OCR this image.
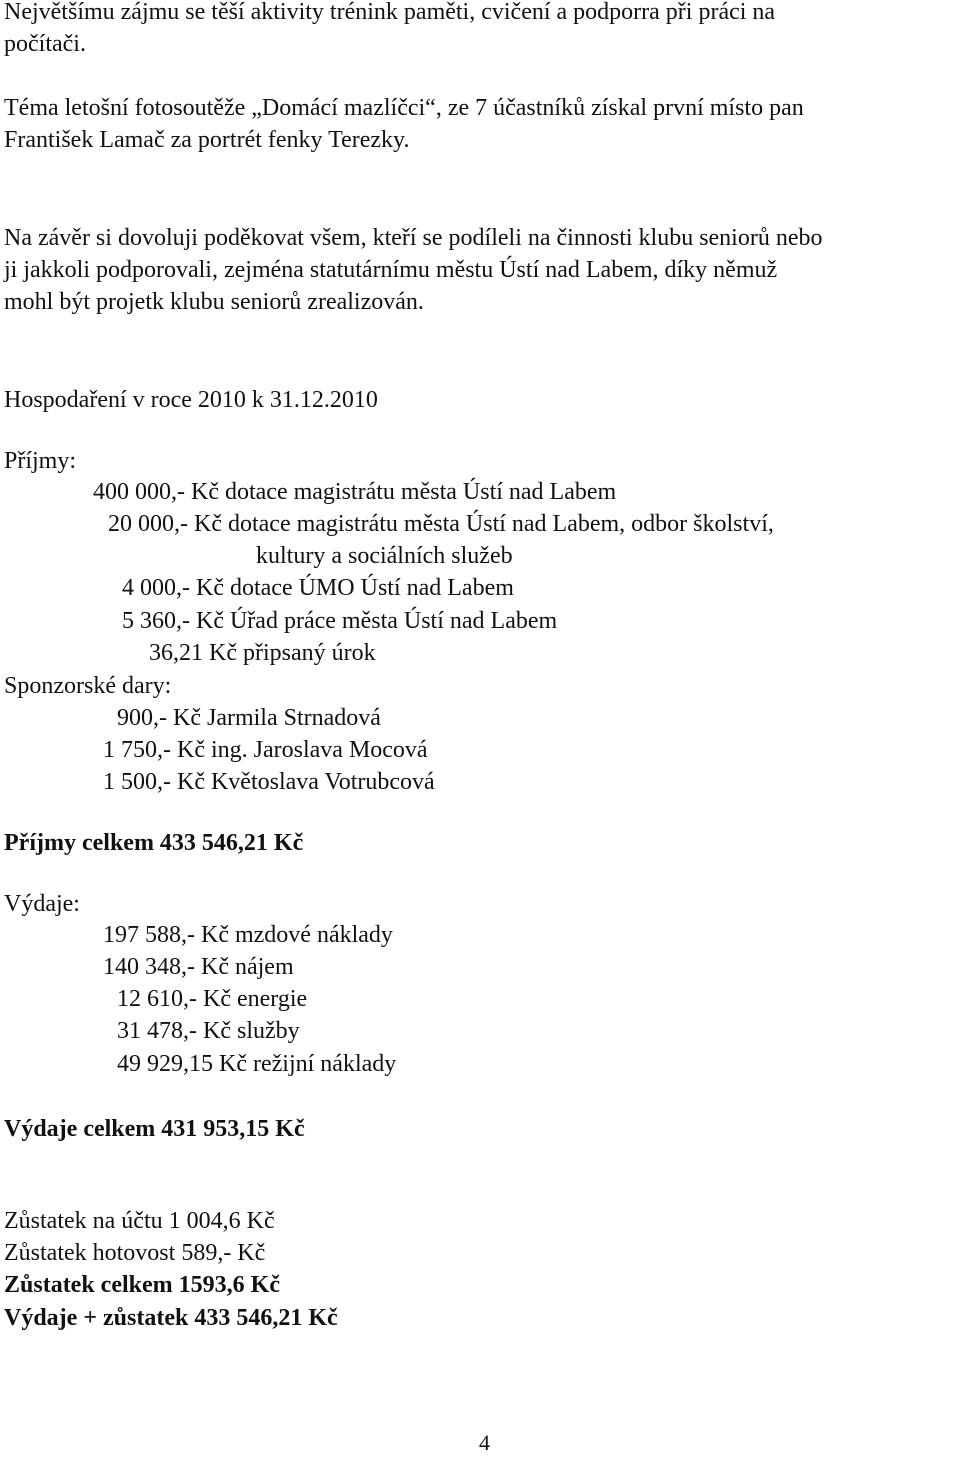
Největšímu zájmu se těší aktivity trénink paměti, cvičení a podporra při práci na
počítači.
Téma letošní fotosoutěže „Domácí mazlíčci“, ze 7 účastníků získal první místo pan
František Lamač za portrét fenky Terezky.
Na závěr si dovoluji poděkovat všem, kteří se podíleli na činnosti klubu seniorů nebo
ji jakkoli podporovali, zejména statutárnímu městu Ústí nad Labem, díky němuž
mohl být projetk klubu seniorů zrealizován.
Hospodaření v roce 2010 k 31.12.2010
Příjmy:
400 000,- Kč dotace magistrátu města Ústí nad Labem
20 000,- Kč dotace magistrátu města Ústí nad Labem, odbor školství,
kultury a sociálních služeb
4 000,- Kč dotace ÚMO Ústí nad Labem
5 360,- Kč Úřad práce města Ústí nad Labem
36,21 Kč připsaný úrok
Sponzorské dary:
900,- Kč Jarmila Strnadová
1 750,- Kč ing. Jaroslava Mocová
1 500,- Kč Květoslava Votrubcová
Příjmy celkem 433 546,21 Kč
Výdaje:
197 588,- Kč mzdové náklady
140 348,- Kč nájem
12 610,- Kč energie
31 478,- Kč služby
49 929,15 Kč režijní náklady
Výdaje celkem 431 953,15 Kč
Zůstatek na účtu 1 004,6 Kč
Zůstatek hotovost 589,- Kč
Zůstatek celkem 1593,6 Kč
Výdaje + zůstatek 433 546,21 Kč
4
